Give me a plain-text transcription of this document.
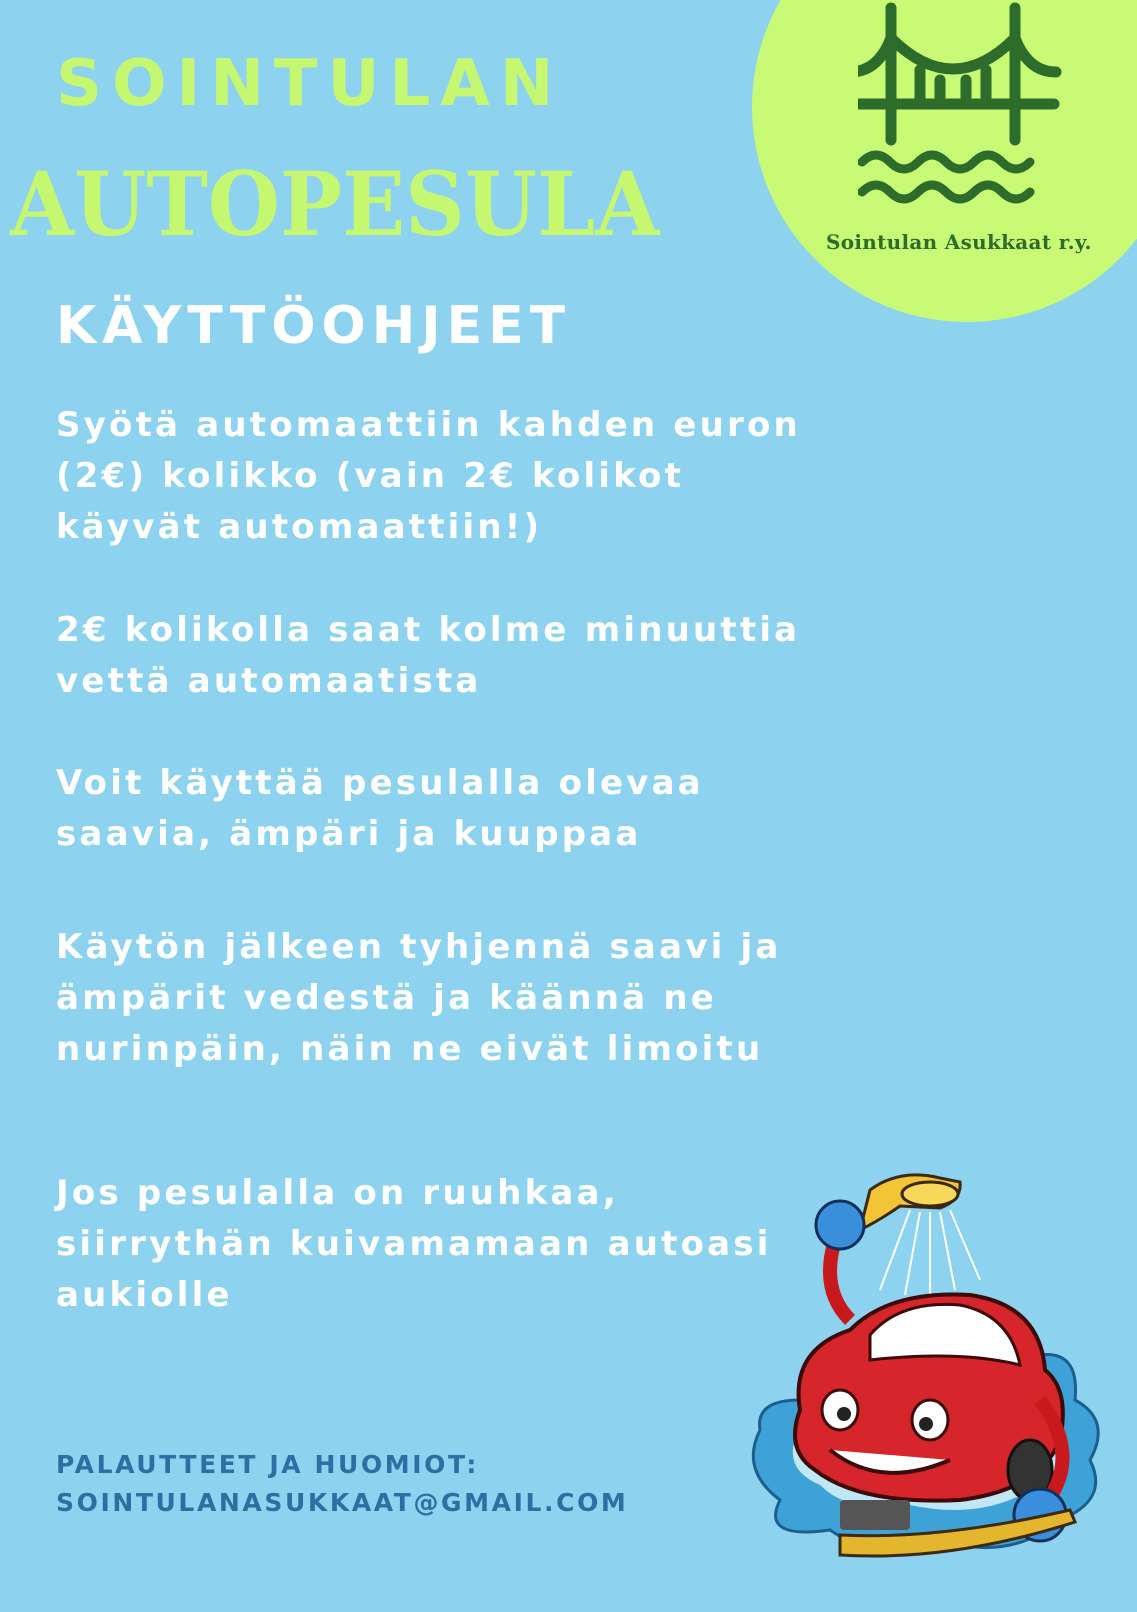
Sointulan Asukkaat r.y.
SOINTULAN
AUTOPESULA
KÄYTTÖOHJEET

Syötä automaattiin kahden euron (2€) kolikko (vain 2€ kolikot käyvät automaattiin!)

2€ kolikolla saat kolme minuuttia vettä automaatista

Voit käyttää pesulalla olevaa saavia, ämpäri ja kuuppaa

Käytön jälkeen tyhjennä saavi ja ämpärit vedestä ja käännä ne nurinpäin, näin ne eivät limoitu

Jos pesulalla on ruuhkaa, siirrythän kuivamamaan autoasi aukiolle

PALAUTTEET JA HUOMIOT:
SOINTULANASUKKAAT@GMAIL.COM
